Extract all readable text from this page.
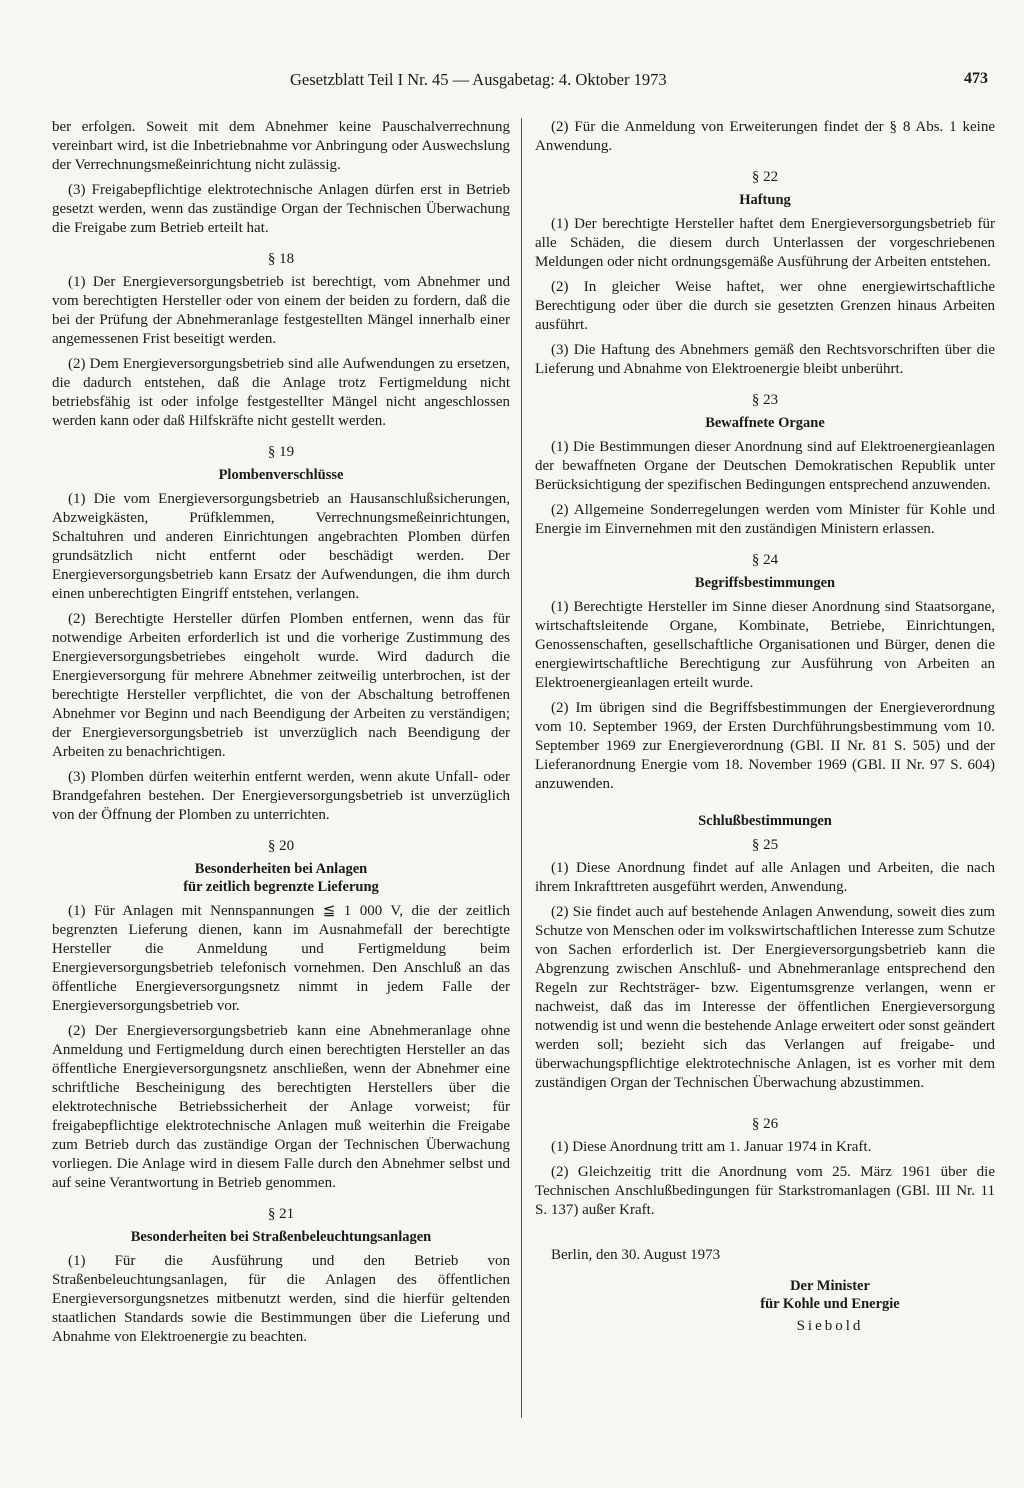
Gesetzblatt Teil I Nr. 45 — Ausgabetag: 4. Oktober 1973	473

ber erfolgen. Soweit mit dem Abnehmer keine Pauschalverrechnung vereinbart wird, ist die Inbetriebnahme vor Anbringung oder Auswechslung der Verrechnungsmeßeinrichtung nicht zulässig.

(3) Freigabepflichtige elektrotechnische Anlagen dürfen erst in Betrieb gesetzt werden, wenn das zuständige Organ der Technischen Überwachung die Freigabe zum Betrieb erteilt hat.

§ 18

(1) Der Energieversorgungsbetrieb ist berechtigt, vom Abnehmer und vom berechtigten Hersteller oder von einem der beiden zu fordern, daß die bei der Prüfung der Abnehmeranlage festgestellten Mängel innerhalb einer angemessenen Frist beseitigt werden.

(2) Dem Energieversorgungsbetrieb sind alle Aufwendungen zu ersetzen, die dadurch entstehen, daß die Anlage trotz Fertigmeldung nicht betriebsfähig ist oder infolge festgestellter Mängel nicht angeschlossen werden kann oder daß Hilfskräfte nicht gestellt werden.

§ 19
Plombenverschlüsse

(1) Die vom Energieversorgungsbetrieb an Hausanschlußsicherungen, Abzweigkästen, Prüfklemmen, Verrechnungsmeßeinrichtungen, Schaltuhren und anderen Einrichtungen angebrachten Plomben dürfen grundsätzlich nicht entfernt oder beschädigt werden. Der Energieversorgungsbetrieb kann Ersatz der Aufwendungen, die ihm durch einen unberechtigten Eingriff entstehen, verlangen.

(2) Berechtigte Hersteller dürfen Plomben entfernen, wenn das für notwendige Arbeiten erforderlich ist und die vorherige Zustimmung des Energieversorgungsbetriebes eingeholt wurde. Wird dadurch die Energieversorgung für mehrere Abnehmer zeitweilig unterbrochen, ist der berechtigte Hersteller verpflichtet, die von der Abschaltung betroffenen Abnehmer vor Beginn und nach Beendigung der Arbeiten zu verständigen; der Energieversorgungsbetrieb ist unverzüglich nach Beendigung der Arbeiten zu benachrichtigen.

(3) Plomben dürfen weiterhin entfernt werden, wenn akute Unfall- oder Brandgefahren bestehen. Der Energieversorgungsbetrieb ist unverzüglich von der Öffnung der Plomben zu unterrichten.

§ 20
Besonderheiten bei Anlagen
für zeitlich begrenzte Lieferung

(1) Für Anlagen mit Nennspannungen ≦ 1 000 V, die der zeitlich begrenzten Lieferung dienen, kann im Ausnahmefall der berechtigte Hersteller die Anmeldung und Fertigmeldung beim Energieversorgungsbetrieb telefonisch vornehmen. Den Anschluß an das öffentliche Energieversorgungsnetz nimmt in jedem Falle der Energieversorgungsbetrieb vor.

(2) Der Energieversorgungsbetrieb kann eine Abnehmeranlage ohne Anmeldung und Fertigmeldung durch einen berechtigten Hersteller an das öffentliche Energieversorgungsnetz anschließen, wenn der Abnehmer eine schriftliche Bescheinigung des berechtigten Herstellers über die elektrotechnische Betriebssicherheit der Anlage vorweist; für freigabepflichtige elektrotechnische Anlagen muß weiterhin die Freigabe zum Betrieb durch das zuständige Organ der Technischen Überwachung vorliegen. Die Anlage wird in diesem Falle durch den Abnehmer selbst und auf seine Verantwortung in Betrieb genommen.

§ 21
Besonderheiten bei Straßenbeleuchtungsanlagen

(1) Für die Ausführung und den Betrieb von Straßenbeleuchtungsanlagen, für die Anlagen des öffentlichen Energieversorgungsnetzes mitbenutzt werden, sind die hierfür geltenden staatlichen Standards sowie die Bestimmungen über die Lieferung und Abnahme von Elektroenergie zu beachten.

(2) Für die Anmeldung von Erweiterungen findet der § 8 Abs. 1 keine Anwendung.

§ 22
Haftung

(1) Der berechtigte Hersteller haftet dem Energieversorgungsbetrieb für alle Schäden, die diesem durch Unterlassen der vorgeschriebenen Meldungen oder nicht ordnungsgemäße Ausführung der Arbeiten entstehen.

(2) In gleicher Weise haftet, wer ohne energiewirtschaftliche Berechtigung oder über die durch sie gesetzten Grenzen hinaus Arbeiten ausführt.

(3) Die Haftung des Abnehmers gemäß den Rechtsvorschriften über die Lieferung und Abnahme von Elektroenergie bleibt unberührt.

§ 23
Bewaffnete Organe

(1) Die Bestimmungen dieser Anordnung sind auf Elektroenergieanlagen der bewaffneten Organe der Deutschen Demokratischen Republik unter Berücksichtigung der spezifischen Bedingungen entsprechend anzuwenden.

(2) Allgemeine Sonderregelungen werden vom Minister für Kohle und Energie im Einvernehmen mit den zuständigen Ministern erlassen.

§ 24
Begriffsbestimmungen

(1) Berechtigte Hersteller im Sinne dieser Anordnung sind Staatsorgane, wirtschaftsleitende Organe, Kombinate, Betriebe, Einrichtungen, Genossenschaften, gesellschaftliche Organisationen und Bürger, denen die energiewirtschaftliche Berechtigung zur Ausführung von Arbeiten an Elektroenergieanlagen erteilt wurde.

(2) Im übrigen sind die Begriffsbestimmungen der Energieverordnung vom 10. September 1969, der Ersten Durchführungsbestimmung vom 10. September 1969 zur Energieverordnung (GBl. II Nr. 81 S. 505) und der Lieferanordnung Energie vom 18. November 1969 (GBl. II Nr. 97 S. 604) anzuwenden.

Schlußbestimmungen
§ 25

(1) Diese Anordnung findet auf alle Anlagen und Arbeiten, die nach ihrem Inkrafttreten ausgeführt werden, Anwendung.

(2) Sie findet auch auf bestehende Anlagen Anwendung, soweit dies zum Schutze von Menschen oder im volkswirtschaftlichen Interesse zum Schutze von Sachen erforderlich ist. Der Energieversorgungsbetrieb kann die Abgrenzung zwischen Anschluß- und Abnehmeranlage entsprechend den Regeln zur Rechtsträger- bzw. Eigentumsgrenze verlangen, wenn er nachweist, daß das im Interesse der öffentlichen Energieversorgung notwendig ist und wenn die bestehende Anlage erweitert oder sonst geändert werden soll; bezieht sich das Verlangen auf freigabe- und überwachungspflichtige elektrotechnische Anlagen, ist es vorher mit dem zuständigen Organ der Technischen Überwachung abzustimmen.

§ 26

(1) Diese Anordnung tritt am 1. Januar 1974 in Kraft.

(2) Gleichzeitig tritt die Anordnung vom 25. März 1961 über die Technischen Anschlußbedingungen für Starkstromanlagen (GBl. III Nr. 11 S. 137) außer Kraft.

Berlin, den 30. August 1973

Der Minister
für Kohle und Energie
Siebold
